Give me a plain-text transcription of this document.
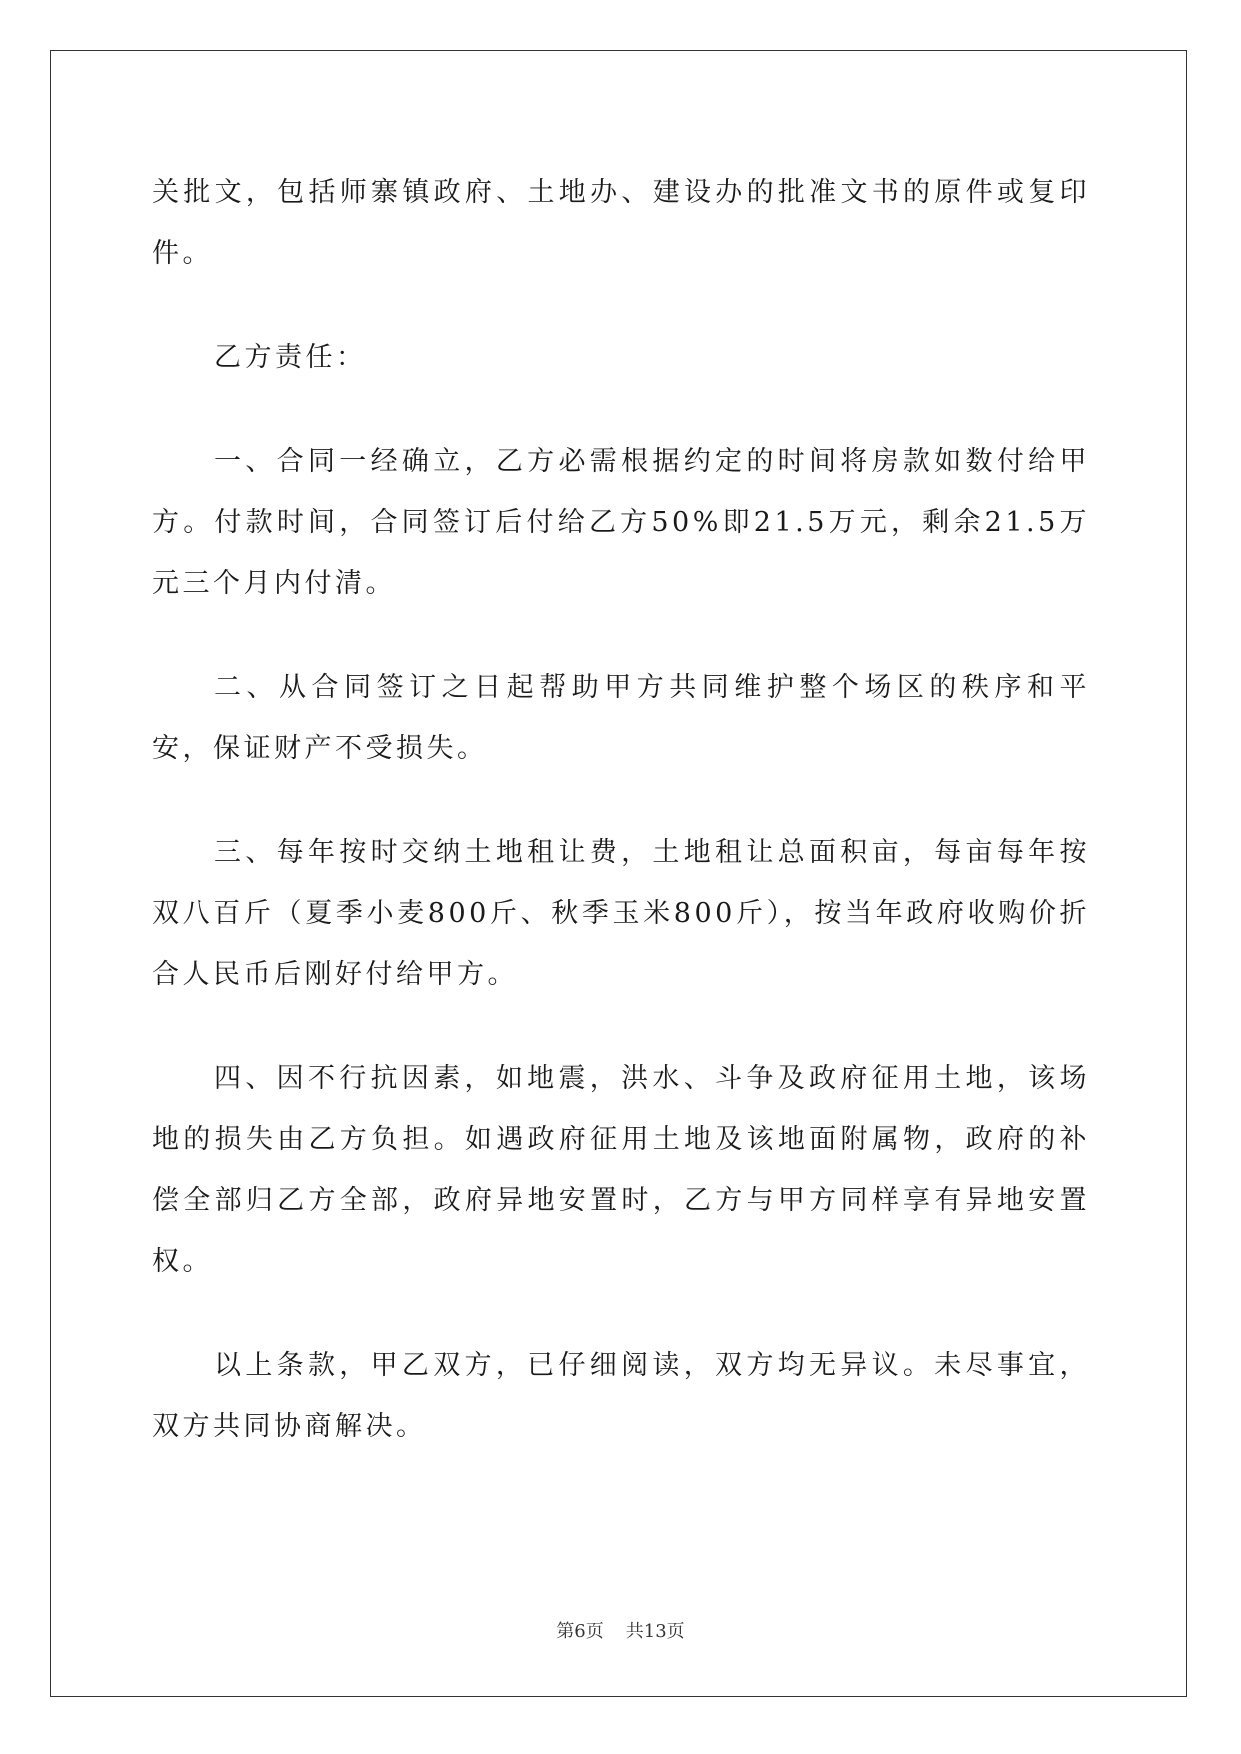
关批文，包括师寨镇政府、土地办、建设办的批准文书的原件或复印件。

乙方责任：

一、合同一经确立，乙方必需根据约定的时间将房款如数付给甲方。付款时间，合同签订后付给乙方50%即21.5万元，剩余21.5万元三个月内付清。

二、从合同签订之日起帮助甲方共同维护整个场区的秩序和平安，保证财产不受损失。

三、每年按时交纳土地租让费，土地租让总面积亩，每亩每年按双八百斤（夏季小麦800斤、秋季玉米800斤），按当年政府收购价折合人民币后刚好付给甲方。

四、因不行抗因素，如地震，洪水、斗争及政府征用土地，该场地的损失由乙方负担。如遇政府征用土地及该地面附属物，政府的补偿全部归乙方全部，政府异地安置时，乙方与甲方同样享有异地安置权。

以上条款，甲乙双方，已仔细阅读，双方均无异议。未尽事宜，双方共同协商解决。

第6页 共13页
